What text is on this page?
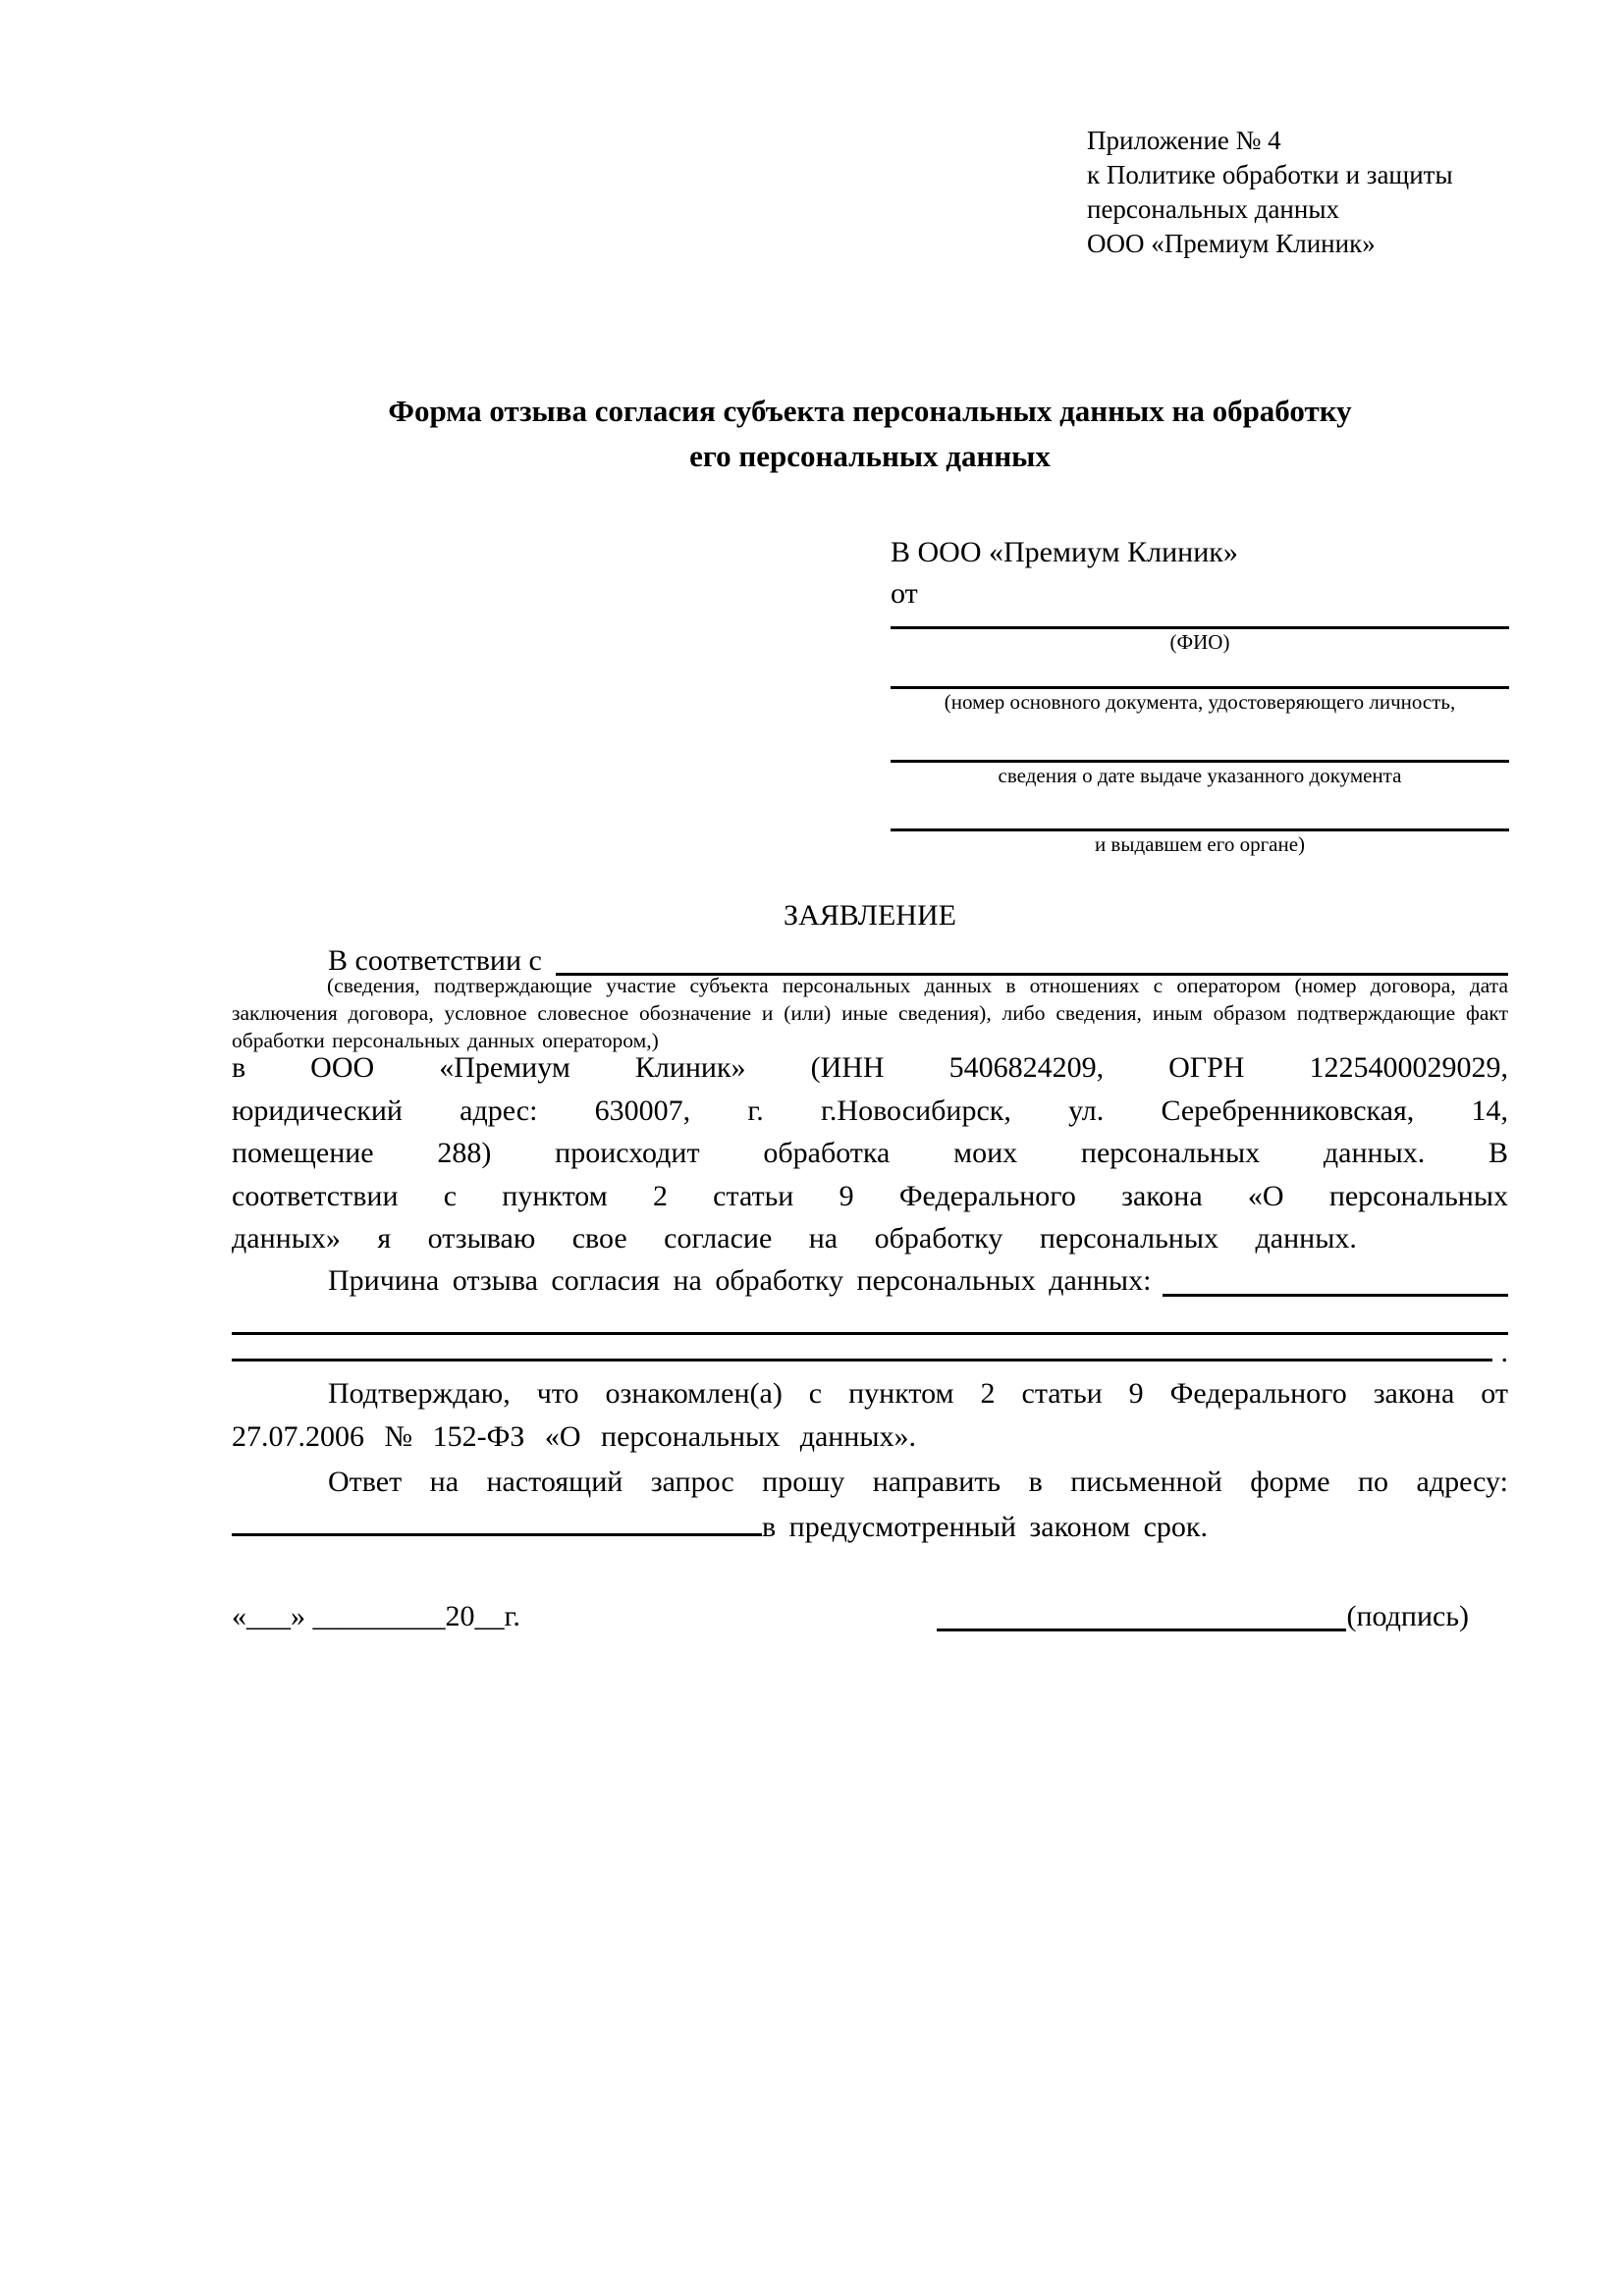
Приложение № 4
к Политике обработки и защиты
персональных данных
ООО «Премиум Клиник»
Форма отзыва согласия субъекта персональных данных на обработку
его персональных данных
В ООО «Премиум Клиник»
от
(ФИО)
(номер основного документа, удостоверяющего личность,
сведения о дате выдаче указанного документа
и выдавшем его органе)
ЗАЯВЛЕНИЕ
В соответствии с
(сведения, подтверждающие участие субъекта персональных данных в отношениях с оператором (номер договора, дата заключения договора, условное словесное обозначение и (или) иные сведения), либо сведения, иным образом подтверждающие факт обработки персональных данных оператором,)
в ООО «Премиум Клиник» (ИНН 5406824209, ОГРН 1225400029029, юридический адрес: 630007, г. г.Новосибирск, ул. Серебренниковская, 14, помещение 288) происходит обработка моих персональных данных. В соответствии с пунктом 2 статьи 9 Федерального закона «О персональных данных» я отзываю свое согласие на обработку персональных данных.
Причина отзыва согласия на обработку персональных данных:
.
Подтверждаю, что ознакомлен(а) с пунктом 2 статьи 9 Федерального закона от 27.07.2006 № 152-ФЗ «О персональных данных».
Ответ на настоящий запрос прошу направить в письменной форме по адресу: в предусмотренный законом срок.
«___» _________20__г.	(подпись)
